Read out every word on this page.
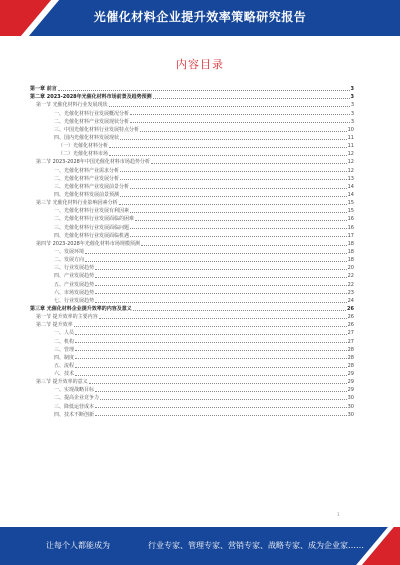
光催化材料企业提升效率策略研究报告
内容目录
第一章 前言	3
第二章 2023-2028年光催化材料市场前景及趋势预测	3
第一节 光催化材料行业发展现状	3
一、光催化材料行业发展概况分析	3
二、光催化材料产业发展现状分析	3
三、中国光催化材料行业发展特点分析	10
四、国内光催化材料发展现状	11
（一）光催化材料分析	11
（二）光催化材料市场	12
第二节 2023-2028年中国光催化材料市场趋势分析	12
一、光催化材料产业需求分析	12
二、光催化材料产业发展分析	13
三、光催化材料产业发展前景分析	14
四、光催化材料发展前景预测	14
第三节 光催化材料行业影响因素分析	15
一、光催化材料行业发展有利因素	15
二、光催化材料行业发展面临的困难	16
三、光催化材料行业发展面临问题	16
四、光催化材料行业发展面临机遇	17
第四节 2023-2028年光催化材料市场规模预测	18
一、发展环境	18
二、发展方向	18
三、行业发展趋势	20
四、产业发展趋势	22
五、产业发展趋势	22
六、市场发展趋势	23
七、行业发展趋势	24
第三章 光催化材料企业提升效率的内容及意义	26
第一节 提升效率的主要内容	26
第二节 提升效率	26
一、人员	27
二、机构	27
三、管理	28
四、制度	28
五、流程	28
六、技术	29
第三节 提升效率的意义	29
一、实现战略目标	29
二、提高企业竞争力	30
三、降低运营成本	30
四、技术不断创新	30
1
让每个人都能成为	行业专家、管理专家、营销专家、战略专家、成为企业家……
